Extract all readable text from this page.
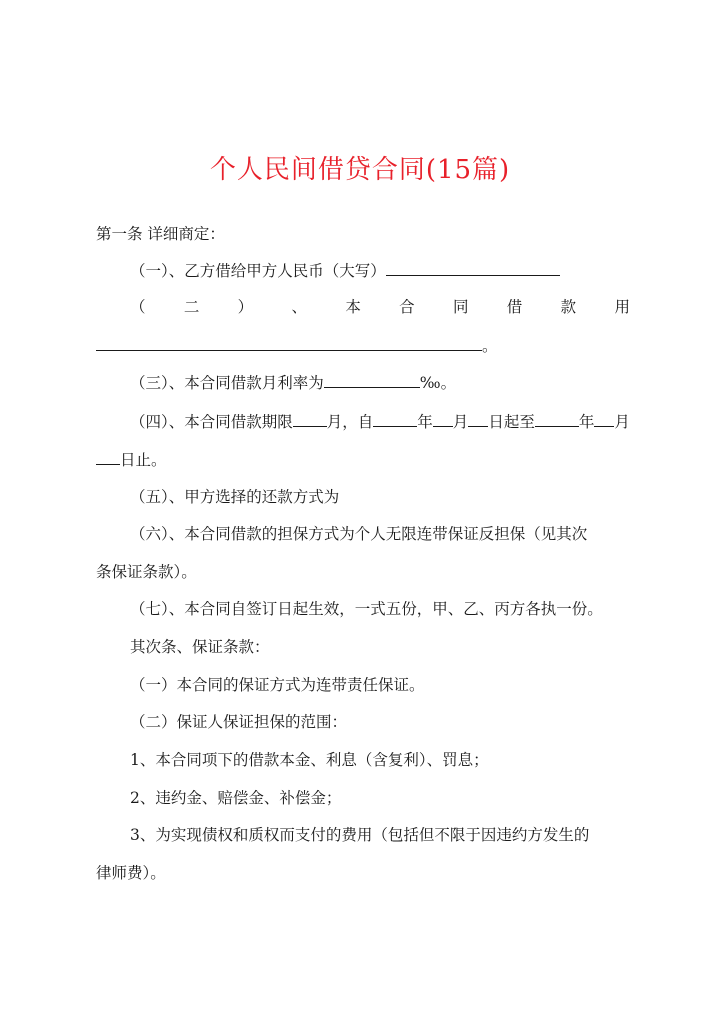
个人民间借贷合同(15篇)
第一条 详细商定：
（一）、乙方借给甲方人民币（大写）
（ 二 ） 、 本 合 同 借 款 用
。
（三）、本合同借款月利率为	‰。
（四）、本合同借款期限 月，自	年 月 日起至	年 月
日止。
（五）、甲方选择的还款方式为
（六）、本合同借款的担保方式为个人无限连带保证反担保（见其次
条保证条款）。
（七）、本合同自签订日起生效，一式五份，甲、乙、丙方各执一份。
其次条、保证条款：
（一）本合同的保证方式为连带责任保证。
（二）保证人保证担保的范围：
1、本合同项下的借款本金、利息（含复利）、罚息；
2、违约金、赔偿金、补偿金；
3、为实现债权和质权而支付的费用（包括但不限于因违约方发生的
律师费）。
